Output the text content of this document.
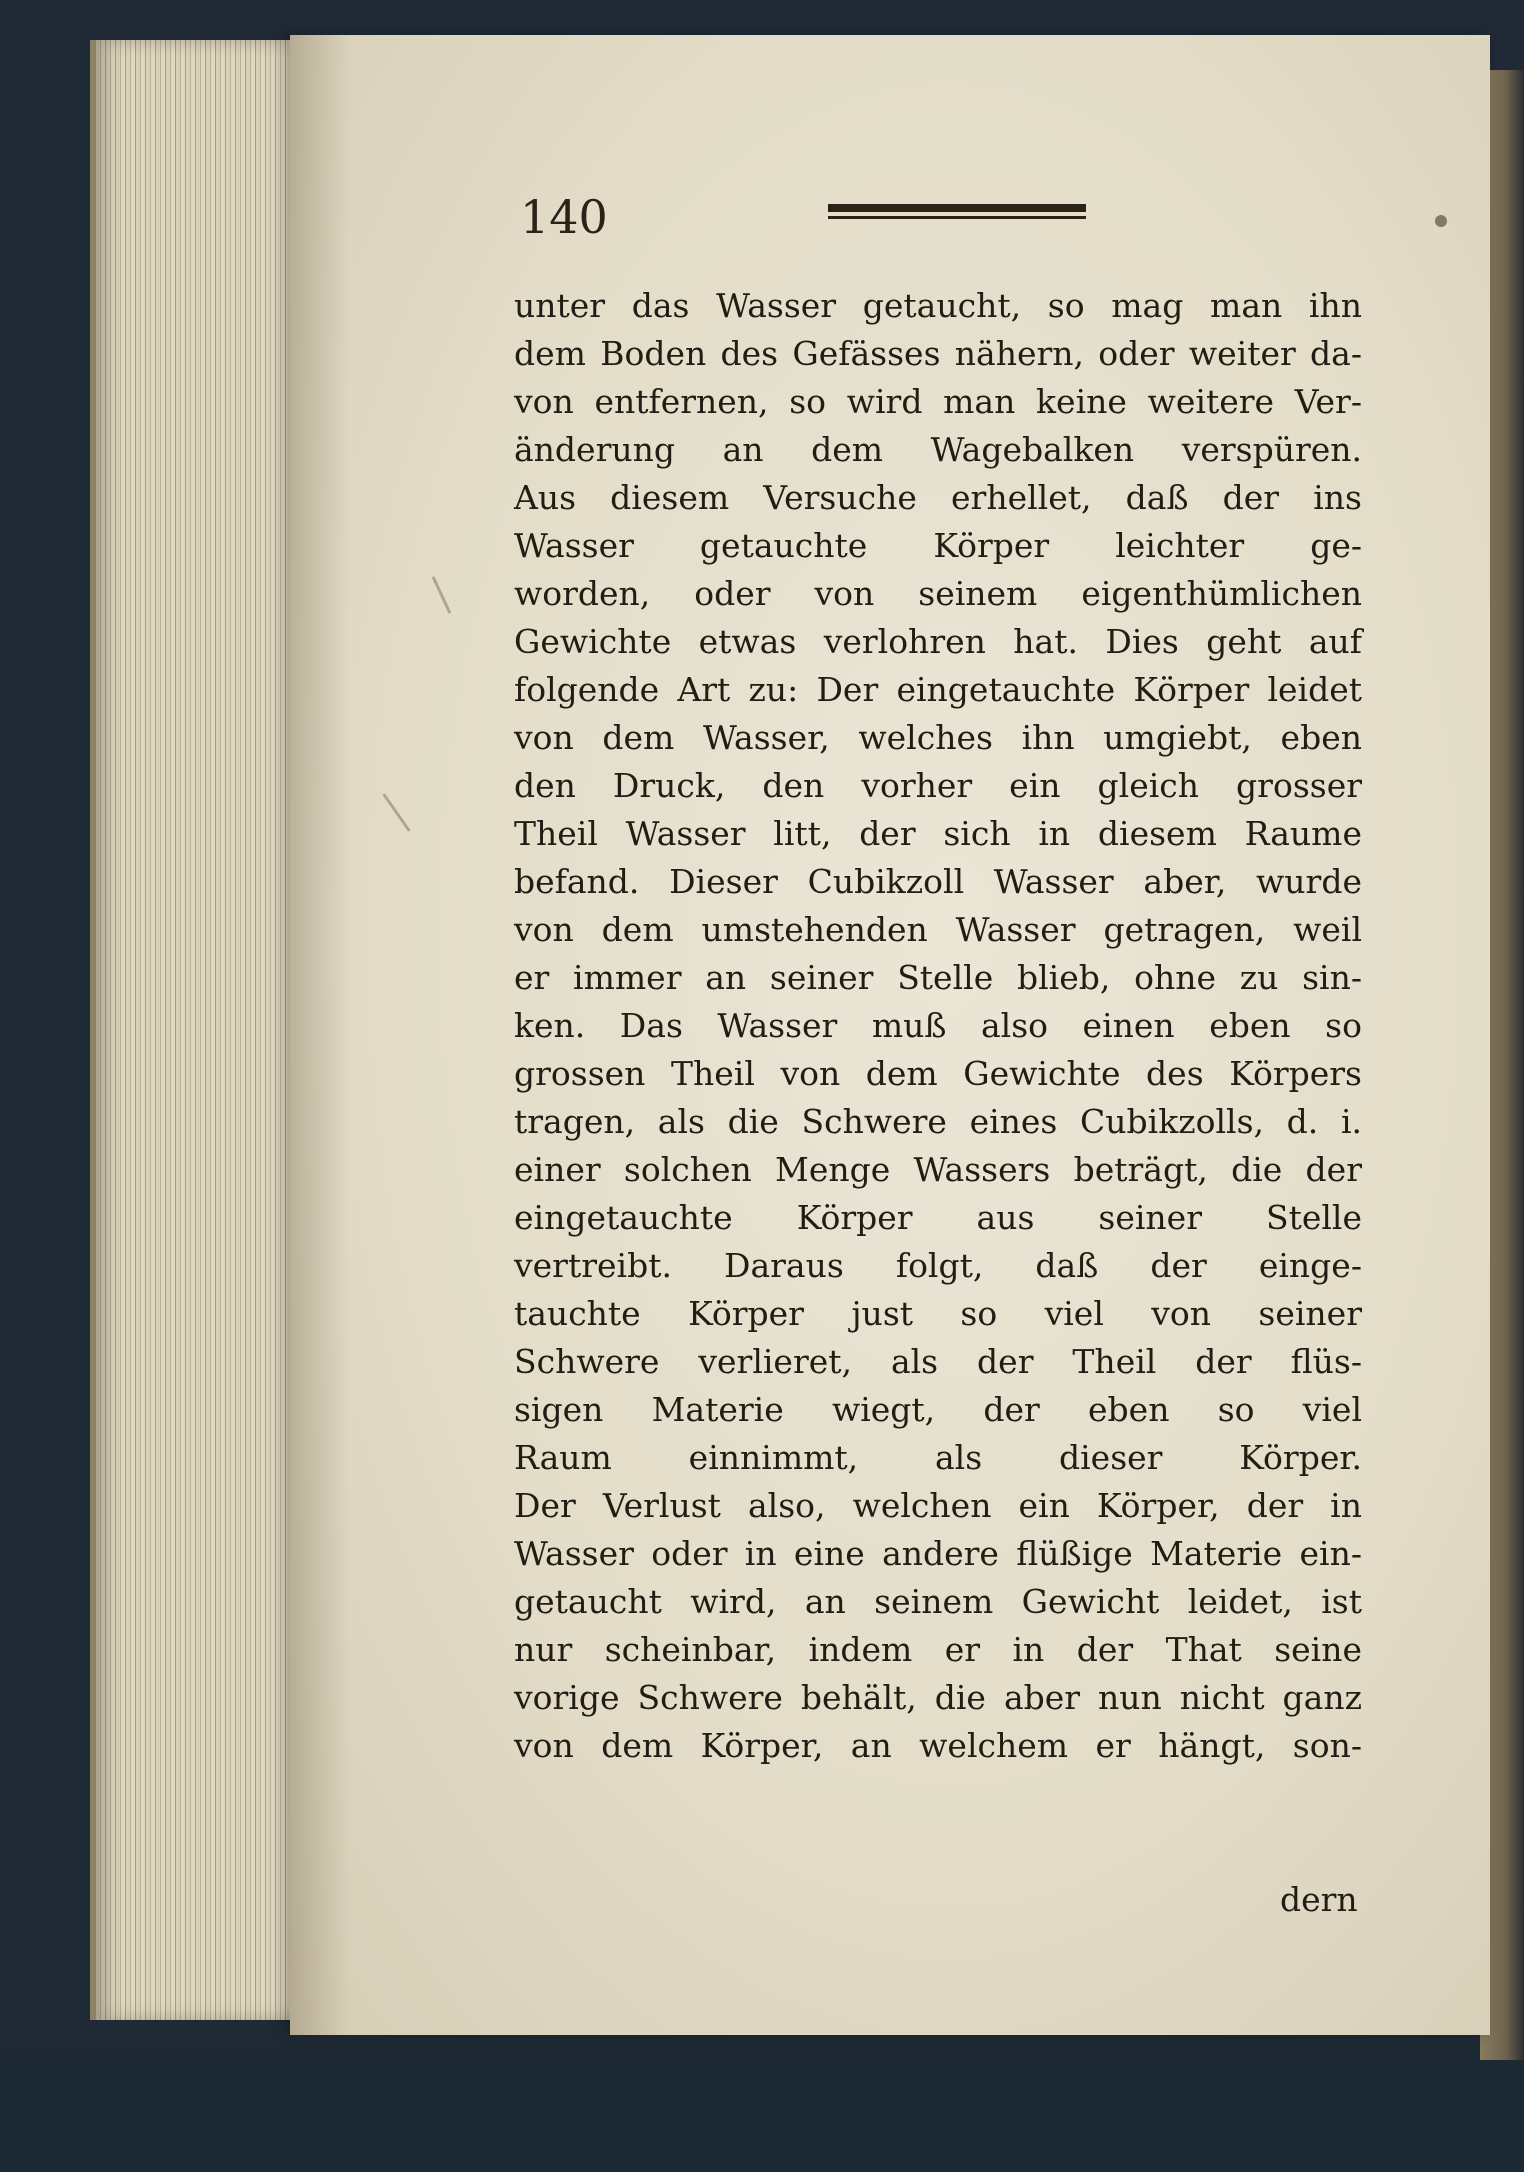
140
unter das Wasser getaucht, so mag man ihn
dem Boden des Gefässes nähern, oder weiter da-
von entfernen, so wird man keine weitere Ver-
änderung an dem Wagebalken verspüren.
Aus diesem Versuche erhellet, daß der ins
Wasser getauchte Körper leichter ge-
worden, oder von seinem eigenthümlichen
Gewichte etwas verlohren hat. Dies geht auf
folgende Art zu: Der eingetauchte Körper leidet
von dem Wasser, welches ihn umgiebt, eben
den Druck, den vorher ein gleich grosser
Theil Wasser litt, der sich in diesem Raume
befand. Dieser Cubikzoll Wasser aber, wurde
von dem umstehenden Wasser getragen, weil
er immer an seiner Stelle blieb, ohne zu sin-
ken. Das Wasser muß also einen eben so
grossen Theil von dem Gewichte des Körpers
tragen, als die Schwere eines Cubikzolls, d. i.
einer solchen Menge Wassers beträgt, die der
eingetauchte Körper aus seiner Stelle
vertreibt. Daraus folgt, daß der einge-
tauchte Körper just so viel von seiner
Schwere verlieret, als der Theil der flüs-
sigen Materie wiegt, der eben so viel
Raum einnimmt, als dieser Körper.
Der Verlust also, welchen ein Körper, der in
Wasser oder in eine andere flüßige Materie ein-
getaucht wird, an seinem Gewicht leidet, ist
nur scheinbar, indem er in der That seine
vorige Schwere behält, die aber nun nicht ganz
von dem Körper, an welchem er hängt, son-
dern
